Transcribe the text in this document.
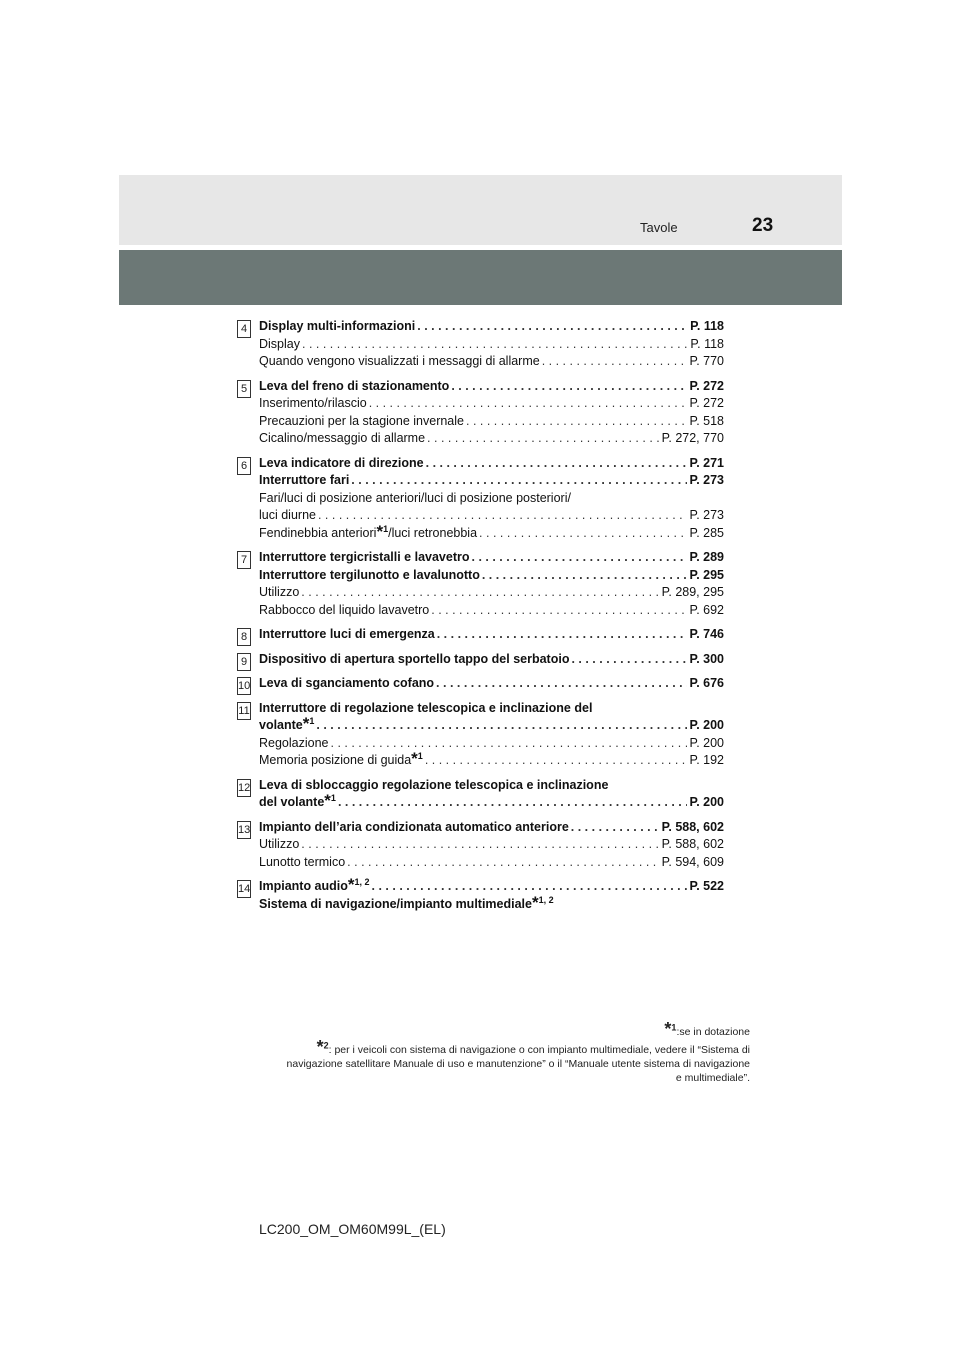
Tavole	23
4 Display multi-informazioni . . .	P. 118
Display . . .	P. 118
Quando vengono visualizzati i messaggi di allarme . . .	P. 770
5 Leva del freno di stazionamento . . .	P. 272
Inserimento/rilascio . . .	P. 272
Precauzioni per la stagione invernale . . .	P. 518
Cicalino/messaggio di allarme . . .	P. 272, 770
6 Leva indicatore di direzione . . .	P. 271
Interruttore fari . . .	P. 273
Fari/luci di posizione anteriori/luci di posizione posteriori/
luci diurne . . .	P. 273
Fendinebbia anteriori*$^1$/luci retronebbia . . .	P. 285
7 Interruttore tergicristalli e lavavetro . . .	P. 289
Interruttore tergilunotto e lavalunotto . . .	P. 295
Utilizzo . . .	P. 289, 295
Rabbocco del liquido lavavetro . . .	P. 692
8 Interruttore luci di emergenza . . .	P. 746
9 Dispositivo di apertura sportello tappo del serbatoio . . .	P. 300
10 Leva di sganciamento cofano . . .	P. 676
11 Interruttore di regolazione telescopica e inclinazione del
volante*$^1$ . . .	P. 200
Regolazione . . .	P. 200
Memoria posizione di guida*$^1$ . . .	P. 192
12 Leva di sbloccaggio regolazione telescopica e inclinazione
del volante*$^1$ . . .	P. 200
13 Impianto dell’aria condizionata automatico anteriore . . .	P. 588, 602
Utilizzo . . .	P. 588, 602
Lunotto termico . . .	P. 594, 609
14 Impianto audio*$^{1, 2}$ . . .	P. 522
Sistema di navigazione/impianto multimediale*$^{1, 2}$
*$^1$:se in dotazione
*$^2$: per i veicoli con sistema di navigazione o con impianto multimediale, vedere il “Sistema di navigazione satellitare Manuale di uso e manutenzione” o il “Manuale utente sistema di navigazione e multimediale”.
LC200_OM_OM60M99L_(EL)
